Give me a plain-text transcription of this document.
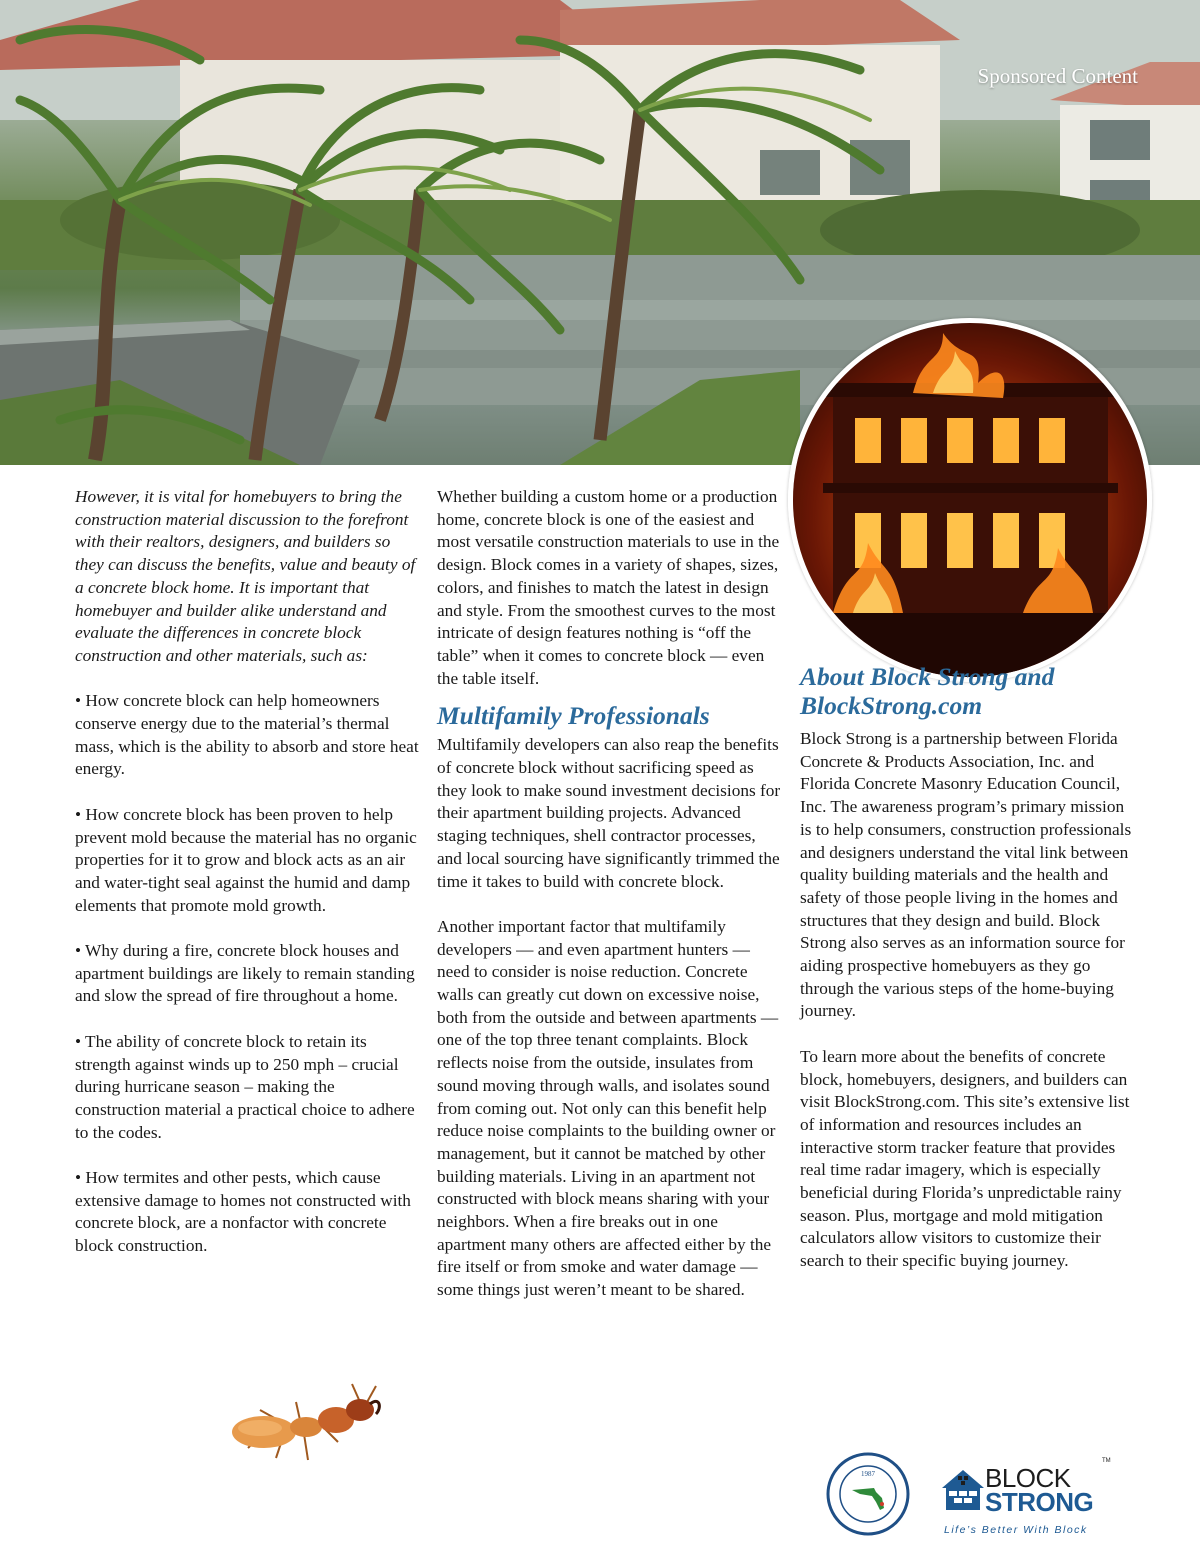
Sponsored Content

However, it is vital for homebuyers to bring the construction material discussion to the forefront with their realtors, designers, and builders so they can discuss the benefits, value and beauty of a concrete block home. It is important that homebuyer and builder alike understand and evaluate the differences in concrete block construction and other materials, such as:

• How concrete block can help homeowners conserve energy due to the material’s thermal mass, which is the ability to absorb and store heat energy.

• How concrete block has been proven to help prevent mold because the material has no organic properties for it to grow and block acts as an air and water-tight seal against the humid and damp elements that promote mold growth.

• Why during a fire, concrete block houses and apartment buildings are likely to remain standing and slow the spread of fire throughout a home.

• The ability of concrete block to retain its strength against winds up to 250 mph – crucial during hurricane season – making the construction material a practical choice to adhere to the codes.

• How termites and other pests, which cause extensive damage to homes not constructed with concrete block, are a nonfactor with concrete block construction.

Whether building a custom home or a production home, concrete block is one of the easiest and most versatile construction materials to use in the design. Block comes in a variety of shapes, sizes, colors, and finishes to match the latest in design and style. From the smoothest curves to the most intricate of design features nothing is “off the table” when it comes to concrete block — even the table itself.

Multifamily Professionals

Multifamily developers can also reap the benefits of concrete block without sacrificing speed as they look to make sound investment decisions for their apartment building projects. Advanced staging techniques, shell contractor processes, and local sourcing have significantly trimmed the time it takes to build with concrete block.

Another important factor that multifamily developers — and even apartment hunters — need to consider is noise reduction. Concrete walls can greatly cut down on excessive noise, both from the outside and between apartments — one of the top three tenant complaints. Block reflects noise from the outside, insulates from sound moving through walls, and isolates sound from coming out. Not only can this benefit help reduce noise complaints to the building owner or management, but it cannot be matched by other building materials. Living in an apartment not constructed with block means sharing with your neighbors. When a fire breaks out in one apartment many others are affected either by the fire itself or from smoke and water damage — some things just weren’t meant to be shared.

About Block Strong and BlockStrong.com

Block Strong is a partnership between Florida Concrete & Products Association, Inc. and Florida Concrete Masonry Education Council, Inc. The awareness program’s primary mission is to help consumers, construction professionals and designers understand the vital link between quality building materials and the health and safety of those people living in the homes and structures that they design and build. Block Strong also serves as an information source for aiding prospective homebuyers as they go through the various steps of the home-buying journey.

To learn more about the benefits of concrete block, homebuyers, designers, and builders can visit BlockStrong.com. This site’s extensive list of information and resources includes an interactive storm tracker feature that provides real time radar imagery, which is especially beneficial during Florida’s unpredictable rainy season. Plus, mortgage and mold mitigation calculators allow visitors to customize their search to their specific buying journey.

1987	BLOCK
STRONG
TM
Life’s Better With Block
